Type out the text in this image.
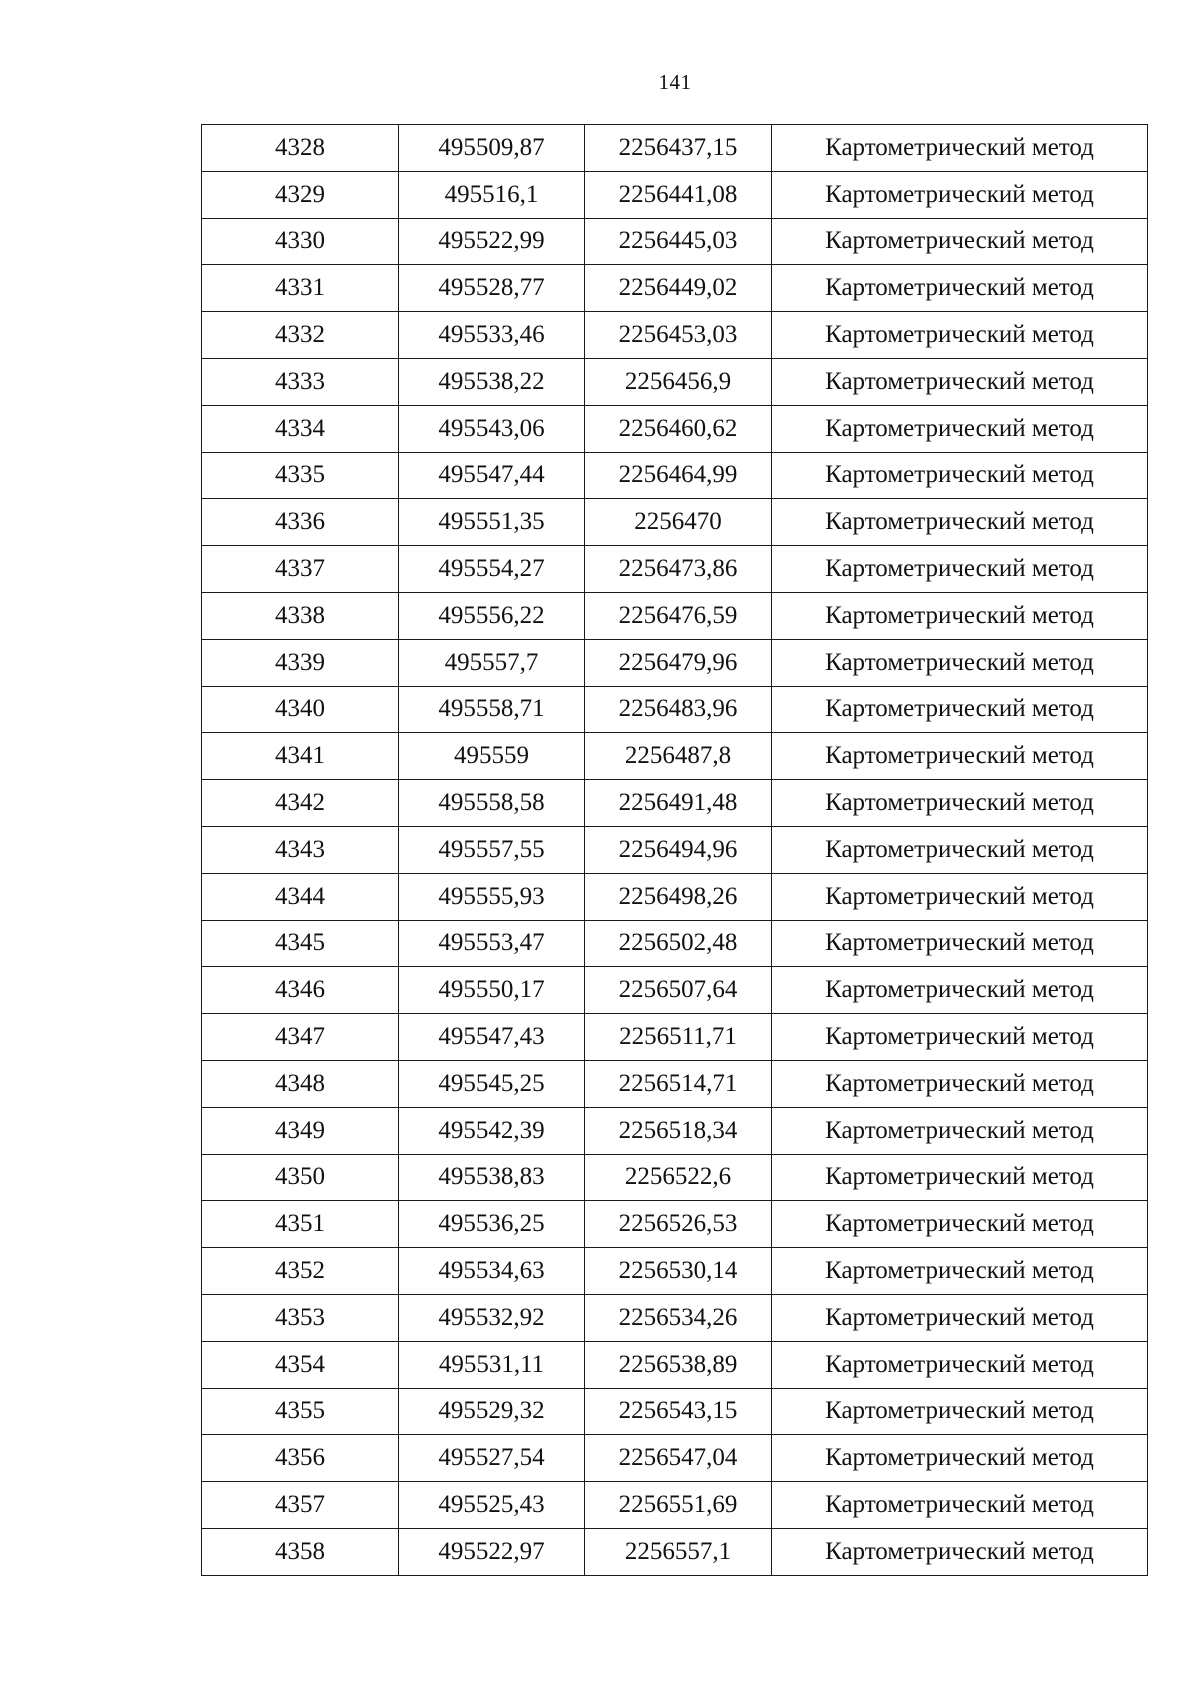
141
4328	495509,87	2256437,15	Картометрический метод
4329	495516,1	2256441,08	Картометрический метод
4330	495522,99	2256445,03	Картометрический метод
4331	495528,77	2256449,02	Картометрический метод
4332	495533,46	2256453,03	Картометрический метод
4333	495538,22	2256456,9	Картометрический метод
4334	495543,06	2256460,62	Картометрический метод
4335	495547,44	2256464,99	Картометрический метод
4336	495551,35	2256470	Картометрический метод
4337	495554,27	2256473,86	Картометрический метод
4338	495556,22	2256476,59	Картометрический метод
4339	495557,7	2256479,96	Картометрический метод
4340	495558,71	2256483,96	Картометрический метод
4341	495559	2256487,8	Картометрический метод
4342	495558,58	2256491,48	Картометрический метод
4343	495557,55	2256494,96	Картометрический метод
4344	495555,93	2256498,26	Картометрический метод
4345	495553,47	2256502,48	Картометрический метод
4346	495550,17	2256507,64	Картометрический метод
4347	495547,43	2256511,71	Картометрический метод
4348	495545,25	2256514,71	Картометрический метод
4349	495542,39	2256518,34	Картометрический метод
4350	495538,83	2256522,6	Картометрический метод
4351	495536,25	2256526,53	Картометрический метод
4352	495534,63	2256530,14	Картометрический метод
4353	495532,92	2256534,26	Картометрический метод
4354	495531,11	2256538,89	Картометрический метод
4355	495529,32	2256543,15	Картометрический метод
4356	495527,54	2256547,04	Картометрический метод
4357	495525,43	2256551,69	Картометрический метод
4358	495522,97	2256557,1	Картометрический метод
